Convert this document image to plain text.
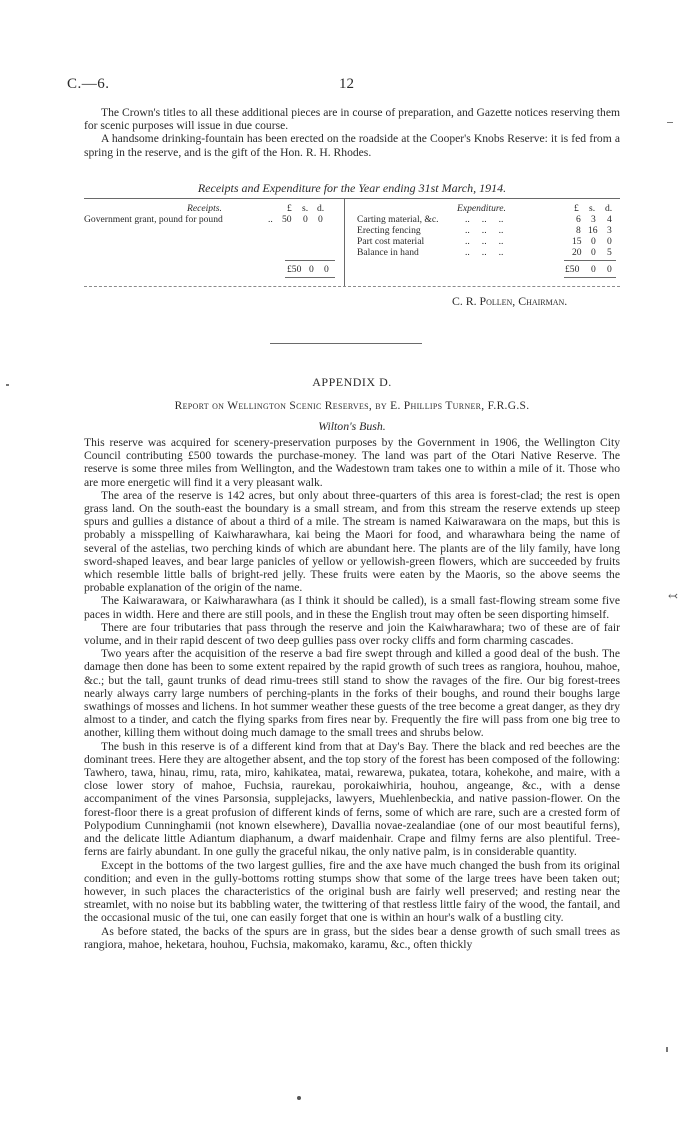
C.—6.	12

The Crown's titles to all these additional pieces are in course of preparation, and Gazette notices reserving them for scenic purposes will issue in due course.

A handsome drinking-fountain has been erected on the roadside at the Cooper's Knobs Reserve: it is fed from a spring in the reserve, and is the gift of the Hon. R. H. Rhodes.

Receipts and Expenditure for the Year ending 31st March, 1914.
Receipts.	£ s. d.
Government grant, pound for pound	.. 50 0 0
£50 0 0
Expenditure.	£ s. d.
Carting material, &c.	..     ..     ..	6 3 4
Erecting fencing	..     ..     ..	8 16 3
Part cost material	..     ..     ..	15 0 0
Balance in hand	..     ..     ..	20 0 5
£50 0 0
C. R. Pollen, Chairman.
APPENDIX D.
Report on Wellington Scenic Reserves, by E. Phillips Turner, F.R.G.S.
Wilton's Bush.

This reserve was acquired for scenery-preservation purposes by the Government in 1906, the Wellington City Council contributing £500 towards the purchase-money. The land was part of the Otari Native Reserve. The reserve is some three miles from Wellington, and the Wadestown tram takes one to within a mile of it. Those who are more energetic will find it a very pleasant walk.

The area of the reserve is 142 acres, but only about three-quarters of this area is forest-clad; the rest is open grass land. On the south-east the boundary is a small stream, and from this stream the reserve extends up steep spurs and gullies a distance of about a third of a mile. The stream is named Kaiwarawara on the maps, but this is probably a misspelling of Kaiwharawhara, kai being the Maori for food, and wharawhara being the name of several of the astelias, two perching kinds of which are abundant here. The plants are of the lily family, have long sword-shaped leaves, and bear large panicles of yellow or yellowish-green flowers, which are succeeded by fruits which resemble little balls of bright-red jelly. These fruits were eaten by the Maoris, so the above seems the probable explanation of the origin of the name.

The Kaiwarawara, or Kaiwharawhara (as I think it should be called), is a small fast-flowing stream some five paces in width. Here and there are still pools, and in these the English trout may often be seen disporting himself.

There are four tributaries that pass through the reserve and join the Kaiwharawhara; two of these are of fair volume, and in their rapid descent of two deep gullies pass over rocky cliffs and form charming cascades.

Two years after the acquisition of the reserve a bad fire swept through and killed a good deal of the bush. The damage then done has been to some extent repaired by the rapid growth of such trees as rangiora, houhou, mahoe, &c.; but the tall, gaunt trunks of dead rimu-trees still stand to show the ravages of the fire. Our big forest-trees nearly always carry large numbers of perching-plants in the forks of their boughs, and round their boughs large swathings of mosses and lichens. In hot summer weather these guests of the tree become a great danger, as they dry almost to a tinder, and catch the flying sparks from fires near by. Frequently the fire will pass from one big tree to another, killing them without doing much damage to the small trees and shrubs below.

The bush in this reserve is of a different kind from that at Day's Bay. There the black and red beeches are the dominant trees. Here they are altogether absent, and the top story of the forest has been composed of the following: Tawhero, tawa, hinau, rimu, rata, miro, kahikatea, matai, rewarewa, pukatea, totara, kohekohe, and maire, with a close lower story of mahoe, Fuchsia, raurekau, porokaiwhiria, houhou, angeange, &c., with a dense accompaniment of the vines Parsonsia, supplejacks, lawyers, Muehlenbeckia, and native passion-flower. On the forest-floor there is a great profusion of different kinds of ferns, some of which are rare, such are a crested form of Polypodium Cunninghamii (not known elsewhere), Davallia novae-zealandiae (one of our most beautiful ferns), and the delicate little Adiantum diaphanum, a dwarf maidenhair. Crape and filmy ferns are also plentiful. Tree-ferns are fairly abundant. In one gully the graceful nikau, the only native palm, is in considerable quantity.

Except in the bottoms of the two largest gullies, fire and the axe have much changed the bush from its original condition; and even in the gully-bottoms rotting stumps show that some of the large trees have been taken out; however, in such places the characteristics of the original bush are fairly well preserved; and resting near the streamlet, with no noise but its babbling water, the twittering of that restless little fairy of the wood, the fantail, and the occasional music of the tui, one can easily forget that one is within an hour's walk of a bustling city.

As before stated, the backs of the spurs are in grass, but the sides bear a dense growth of such small trees as rangiora, mahoe, heketara, houhou, Fuchsia, makomako, karamu, &c., often thickly

↢
